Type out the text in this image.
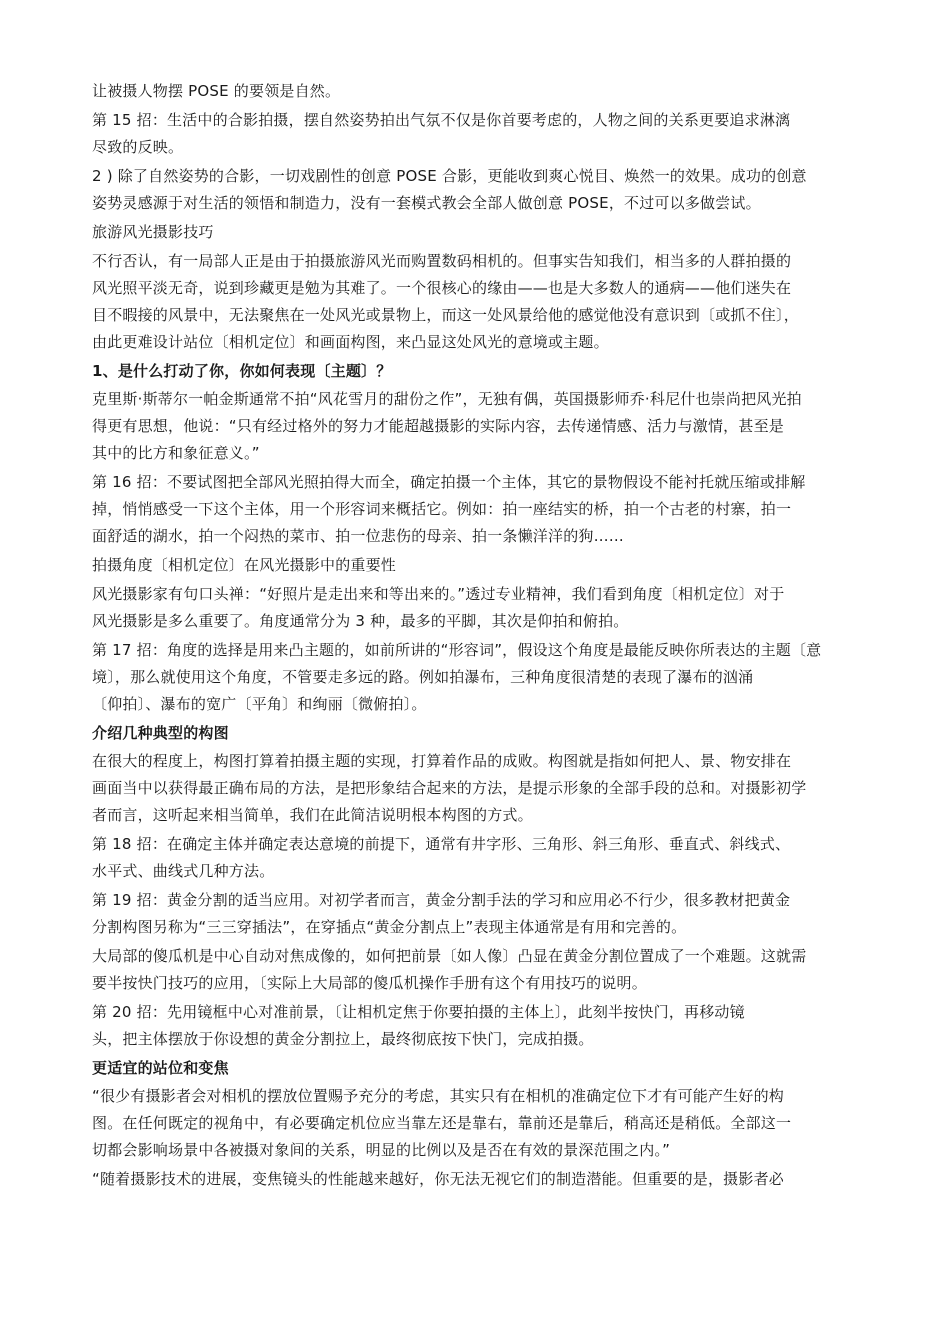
让被摄人物摆 POSE 的要领是自然。

第 15 招：生活中的合影拍摄，摆自然姿势拍出气氛不仅是你首要考虑的，人物之间的关系更要追求淋漓
尽致的反映。

2 ) 除了自然姿势的合影，一切戏剧性的创意 POSE 合影，更能收到爽心悦目、焕然一的效果。成功的创意
姿势灵感源于对生活的领悟和制造力，没有一套模式教会全部人做创意 POSE，不过可以多做尝试。

旅游风光摄影技巧

不行否认，有一局部人正是由于拍摄旅游风光而购置数码相机的。但事实告知我们，相当多的人群拍摄的
风光照平淡无奇，说到珍藏更是勉为其难了。一个很核心的缘由——也是大多数人的通病——他们迷失在
目不暇接的风景中，无法聚焦在一处风光或景物上，而这一处风景给他的感觉他没有意识到〔或抓不住〕，
由此更难设计站位〔相机定位〕和画面构图，来凸显这处风光的意境或主题。

1、是什么打动了你，你如何表现〔主题〕？

克里斯·斯蒂尔一帕金斯通常不拍“风花雪月的甜份之作”，无独有偶，英国摄影师乔·科尼什也崇尚把风光拍
得更有思想，他说：“只有经过格外的努力才能超越摄影的实际内容，去传递情感、活力与激情，甚至是
其中的比方和象征意义。”

第 16 招：不要试图把全部风光照拍得大而全，确定拍摄一个主体，其它的景物假设不能衬托就压缩或排解
掉，悄悄感受一下这个主体，用一个形容词来概括它。例如：拍一座结实的桥，拍一个古老的村寨，拍一
面舒适的湖水，拍一个闷热的菜市、拍一位悲伤的母亲、拍一条懒洋洋的狗……

拍摄角度〔相机定位〕在风光摄影中的重要性

风光摄影家有句口头禅：“好照片是走出来和等出来的。”透过专业精神，我们看到角度〔相机定位〕对于
风光摄影是多么重要了。角度通常分为 3 种，最多的平脚，其次是仰拍和俯拍。

第 17 招：角度的选择是用来凸主题的，如前所讲的“形容词”，假设这个角度是最能反映你所表达的主题〔意
境〕，那么就使用这个角度，不管要走多远的路。例如拍瀑布，三种角度很清楚的表现了瀑布的汹涌
〔仰拍〕、瀑布的宽广〔平角〕和绚丽〔微俯拍〕。

介绍几种典型的构图

在很大的程度上，构图打算着拍摄主题的实现，打算着作品的成败。构图就是指如何把人、景、物安排在
画面当中以获得最正确布局的方法，是把形象结合起来的方法，是提示形象的全部手段的总和。对摄影初学
者而言，这听起来相当简单，我们在此简洁说明根本构图的方式。

第 18 招：在确定主体并确定表达意境的前提下，通常有井字形、三角形、斜三角形、垂直式、斜线式、
水平式、曲线式几种方法。

第 19 招：黄金分割的适当应用。对初学者而言，黄金分割手法的学习和应用必不行少，很多教材把黄金
分割构图另称为“三三穿插法”，在穿插点“黄金分割点上”表现主体通常是有用和完善的。

大局部的傻瓜机是中心自动对焦成像的，如何把前景〔如人像〕凸显在黄金分割位置成了一个难题。这就需
要半按快门技巧的应用，〔实际上大局部的傻瓜机操作手册有这个有用技巧的说明。

第 20 招：先用镜框中心对准前景，〔让相机定焦于你要拍摄的主体上〕，此刻半按快门，再移动镜
头，把主体摆放于你设想的黄金分割拉上，最终彻底按下快门，完成拍摄。

更适宜的站位和变焦

“很少有摄影者会对相机的摆放位置赐予充分的考虑，其实只有在相机的准确定位下才有可能产生好的构
图。在任何既定的视角中，有必要确定机位应当靠左还是靠右，靠前还是靠后，稍高还是稍低。全部这一
切都会影响场景中各被摄对象间的关系，明显的比例以及是否在有效的景深范围之内。”

“随着摄影技术的进展，变焦镜头的性能越来越好，你无法无视它们的制造潜能。但重要的是，摄影者必
